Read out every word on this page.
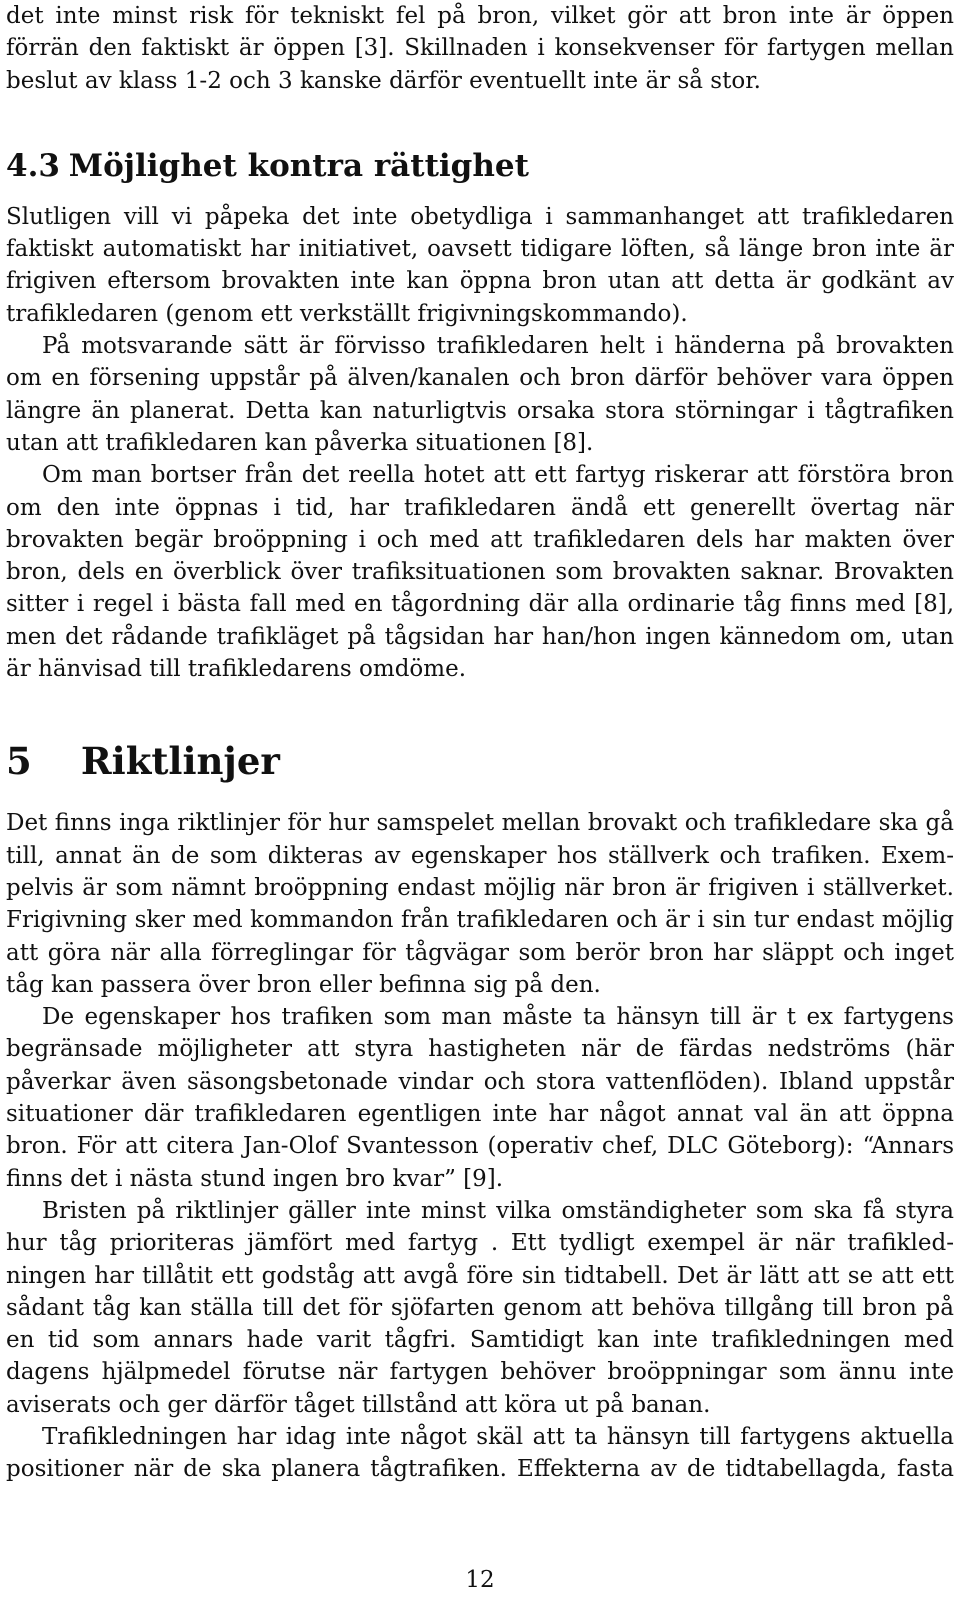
det inte minst risk för tekniskt fel på bron, vilket gör att bron inte är öppen förrän den faktiskt är öppen [3]. Skillnaden i konsekvenser för fartygen mellan beslut av klass 1-2 och 3 kanske därför eventuellt inte är så stor.

4.3 Möjlighet kontra rättighet

Slutligen vill vi påpeka det inte obetydliga i sammanhanget att trafikledaren faktiskt automatiskt har initiativet, oavsett tidigare löften, så länge bron inte är frigiven eftersom brovakten inte kan öppna bron utan att detta är godkänt av trafikledaren (genom ett verkställt frigivningskommando).

På motsvarande sätt är förvisso trafikledaren helt i händerna på brovakten om en försening uppstår på älven/kanalen och bron därför behöver vara öppen längre än planerat. Detta kan naturligtvis orsaka stora störningar i tågtrafiken utan att trafikledaren kan påverka situationen [8].

Om man bortser från det reella hotet att ett fartyg riskerar att förstöra bron om den inte öppnas i tid, har trafikledaren ändå ett generellt övertag när brovakten begär broöppning i och med att trafikledaren dels har makten över bron, dels en överblick över trafiksituationen som brovakten saknar. Brovakten sitter i regel i bästa fall med en tågordning där alla ordinarie tåg finns med [8], men det rådande trafikläget på tågsidan har han/hon ingen kännedom om, utan är hänvisad till trafikledarens omdöme.

5 Riktlinjer

Det finns inga riktlinjer för hur samspelet mellan brovakt och trafikledare ska gå till, annat än de som dikteras av egenskaper hos ställverk och trafiken. Exempelvis är som nämnt broöppning endast möjlig när bron är frigiven i ställverket. Frigivning sker med kommandon från trafikledaren och är i sin tur endast möjlig att göra när alla förreglingar för tågvägar som berör bron har släppt och inget tåg kan passera över bron eller befinna sig på den.

De egenskaper hos trafiken som man måste ta hänsyn till är t ex fartygens begränsade möjligheter att styra hastigheten när de färdas nedströms (här påverkar även säsongsbetonade vindar och stora vattenflöden). Ibland uppstår situationer där trafikledaren egentligen inte har något annat val än att öppna bron. För att citera Jan-Olof Svantesson (operativ chef, DLC Göteborg): “Annars finns det i nästa stund ingen bro kvar” [9].

Bristen på riktlinjer gäller inte minst vilka omständigheter som ska få styra hur tåg prioriteras jämfört med fartyg . Ett tydligt exempel är när trafikledningen har tillåtit ett godståg att avgå före sin tidtabell. Det är lätt att se att ett sådant tåg kan ställa till det för sjöfarten genom att behöva tillgång till bron på en tid som annars hade varit tågfri. Samtidigt kan inte trafikledningen med dagens hjälpmedel förutse när fartygen behöver broöppningar som ännu inte aviserats och ger därför tåget tillstånd att köra ut på banan.

Trafikledningen har idag inte något skäl att ta hänsyn till fartygens aktuella positioner när de ska planera tågtrafiken. Effekterna av de tidtabellagda, fasta

12
